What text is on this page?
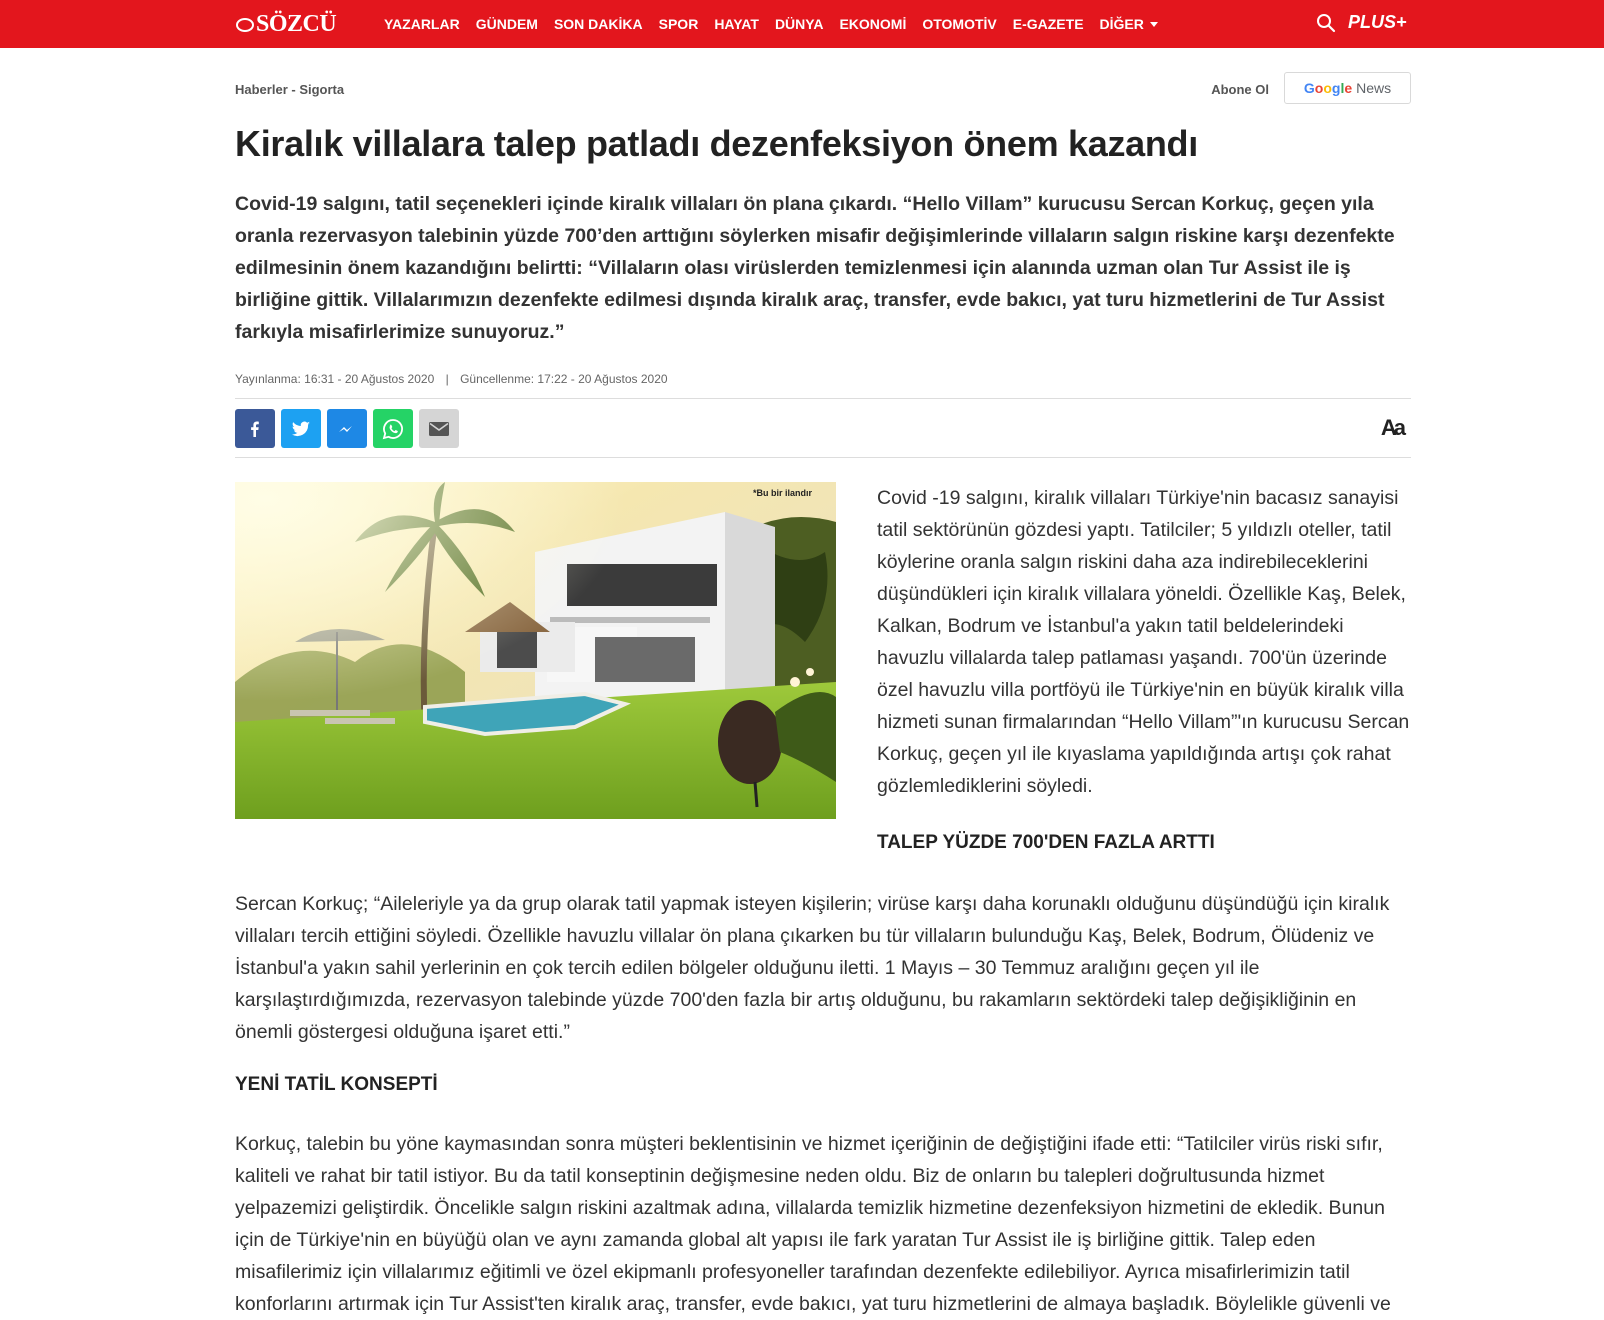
SÖZCÜ	YAZARLAR GÜNDEM SON DAKİKA SPOR HAYAT DÜNYA EKONOMİ OTOMOTİV E-GAZETE DİĞER	PLUS+
Haberler - Sigorta	Abone Ol Google News
Kiralık villalara talep patladı dezenfeksiyon önem kazandı

Covid-19 salgını, tatil seçenekleri içinde kiralık villaları ön plana çıkardı. “Hello Villam” kurucusu Sercan Korkuç, geçen yıla oranla rezervasyon talebinin yüzde 700’den arttığını söylerken misafir değişimlerinde villaların salgın riskine karşı dezenfekte edilmesinin önem kazandığını belirtti: “Villaların olası virüslerden temizlenmesi için alanında uzman olan Tur Assist ile iş birliğine gittik. Villalarımızın dezenfekte edilmesi dışında kiralık araç, transfer, evde bakıcı, yat turu hizmetlerini de Tur Assist farkıyla misafirlerimize sunuyoruz.”

Yayınlanma: 16:31 - 20 Ağustos 2020 | Güncellenme: 17:22 - 20 Ağustos 2020
Aa
*Bu bir ilandır	Covid -19 salgını, kiralık villaları Türkiye'nin bacasız sanayisi tatil sektörünün gözdesi yaptı. Tatilciler; 5 yıldızlı oteller, tatil köylerine oranla salgın riskini daha aza indirebileceklerini düşündükleri için kiralık villalara yöneldi. Özellikle Kaş, Belek, Kalkan, Bodrum ve İstanbul'a yakın tatil beldelerindeki havuzlu villalarda talep patlaması yaşandı. 700'ün üzerinde özel havuzlu villa portföyü ile Türkiye'nin en büyük kiralık villa hizmeti sunan firmalarından “Hello Villam”'ın kurucusu Sercan Korkuç, geçen yıl ile kıyaslama yapıldığında artışı çok rahat gözlemlediklerini söyledi.

TALEP YÜZDE 700'DEN FAZLA ARTTI

Sercan Korkuç; “Aileleriyle ya da grup olarak tatil yapmak isteyen kişilerin; virüse karşı daha korunaklı olduğunu düşündüğü için kiralık villaları tercih ettiğini söyledi. Özellikle havuzlu villalar ön plana çıkarken bu tür villaların bulunduğu Kaş, Belek, Bodrum, Ölüdeniz ve İstanbul'a yakın sahil yerlerinin en çok tercih edilen bölgeler olduğunu iletti. 1 Mayıs – 30 Temmuz aralığını geçen yıl ile karşılaştırdığımızda, rezervasyon talebinde yüzde 700'den fazla bir artış olduğunu, bu rakamların sektördeki talep değişikliğinin en önemli göstergesi olduğuna işaret etti.”

YENİ TATİL KONSEPTİ

Korkuç, talebin bu yöne kaymasından sonra müşteri beklentisinin ve hizmet içeriğinin de değiştiğini ifade etti: “Tatilciler virüs riski sıfır, kaliteli ve rahat bir tatil istiyor. Bu da tatil konseptinin değişmesine neden oldu. Biz de onların bu talepleri doğrultusunda hizmet yelpazemizi geliştirdik. Öncelikle salgın riskini azaltmak adına, villalarda temizlik hizmetine dezenfeksiyon hizmetini de ekledik. Bunun için de Türkiye'nin en büyüğü olan ve aynı zamanda global alt yapısı ile fark yaratan Tur Assist ile iş birliğine gittik. Talep eden misafilerimiz için villalarımız eğitimli ve özel ekipmanlı profesyoneller tarafından dezenfekte edilebiliyor. Ayrıca misafirlerimizin tatil konforlarını artırmak için Tur Assist'ten kiralık araç, transfer, evde bakıcı, yat turu hizmetlerini de almaya başladık. Böylelikle güvenli ve
